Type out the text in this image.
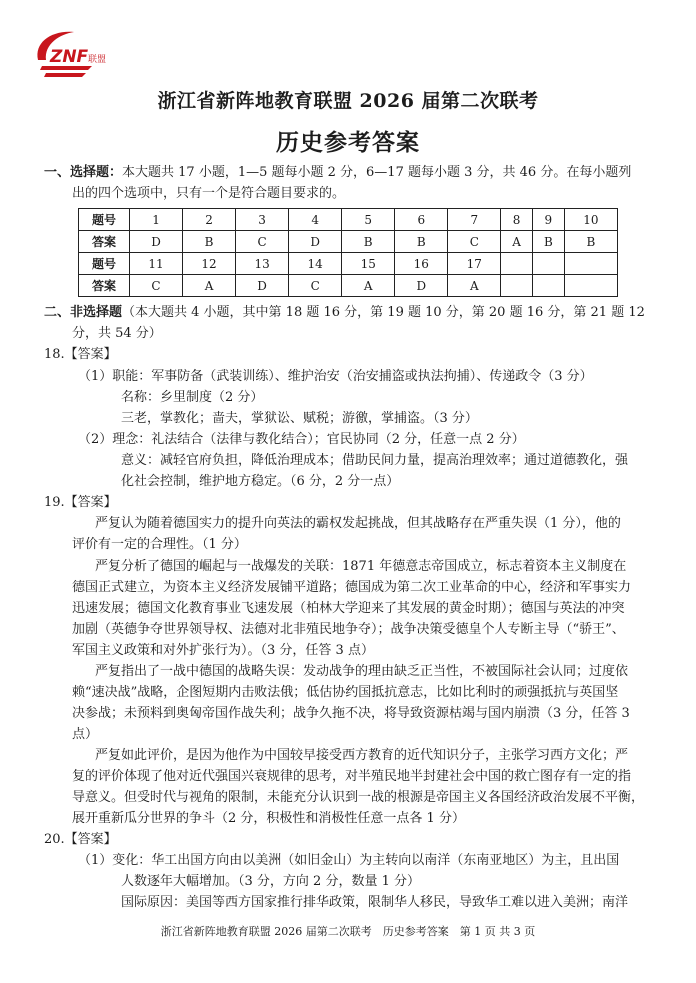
ZNF 联盟
浙江省新阵地教育联盟 2026 届第二次联考
历史参考答案
一、选择题：本大题共 17 小题，1—5 题每小题 2 分，6—17 题每小题 3 分，共 46 分。在每小题列
出的四个选项中，只有一个是符合题目要求的。
题号	1	2	3	4	5	6	7	8	9	10
答案	D	B	C	D	B	B	C	A	B	B
题号	11	12	13	14	15	16	17			
答案	C	A	D	C	A	D	A			
二、非选择题（本大题共 4 小题，其中第 18 题 16 分，第 19 题 10 分，第 20 题 16 分，第 21 题 12
分，共 54 分）
18.【答案】
（1）职能：军事防备（武装训练）、维护治安（治安捕盗或执法拘捕）、传递政令（3 分）
名称：乡里制度（2 分）
三老，掌教化；啬夫，掌狱讼、赋税；游徼，掌捕盗。（3 分）
（2）理念：礼法结合（法律与教化结合）；官民协同（2 分，任意一点 2 分）
意义：减轻官府负担，降低治理成本；借助民间力量，提高治理效率；通过道德教化，强
化社会控制，维护地方稳定。（6 分，2 分一点）
19.【答案】
严复认为随着德国实力的提升向英法的霸权发起挑战，但其战略存在严重失误（1 分），他的
评价有一定的合理性。（1 分）
严复分析了德国的崛起与一战爆发的关联：1871 年德意志帝国成立，标志着资本主义制度在
德国正式建立，为资本主义经济发展铺平道路；德国成为第二次工业革命的中心，经济和军事实力
迅速发展；德国文化教育事业飞速发展（柏林大学迎来了其发展的黄金时期）；德国与英法的冲突
加剧（英德争夺世界领导权、法德对北非殖民地争夺）；战争决策受德皇个人专断主导（“骄王”、
军国主义政策和对外扩张行为）。（3 分，任答 3 点）
严复指出了一战中德国的战略失误：发动战争的理由缺乏正当性，不被国际社会认同；过度依
赖“速决战”战略，企图短期内击败法俄；低估协约国抵抗意志，比如比利时的顽强抵抗与英国坚
决参战；未预料到奥匈帝国作战失利；战争久拖不决，将导致资源枯竭与国内崩溃（3 分，任答 3
点）
严复如此评价，是因为他作为中国较早接受西方教育的近代知识分子，主张学习西方文化；严
复的评价体现了他对近代强国兴衰规律的思考，对半殖民地半封建社会中国的救亡图存有一定的指
导意义。但受时代与视角的限制，未能充分认识到一战的根源是帝国主义各国经济政治发展不平衡，
展开重新瓜分世界的争斗（2 分，积极性和消极性任意一点各 1 分）
20.【答案】
（1）变化：华工出国方向由以美洲（如旧金山）为主转向以南洋（东南亚地区）为主，且出国
人数逐年大幅增加。（3 分，方向 2 分，数量 1 分）
国际原因：美国等西方国家推行排华政策，限制华人移民，导致华工难以进入美洲；南洋
浙江省新阵地教育联盟 2026 届第二次联考　历史参考答案　第 1 页 共 3 页
